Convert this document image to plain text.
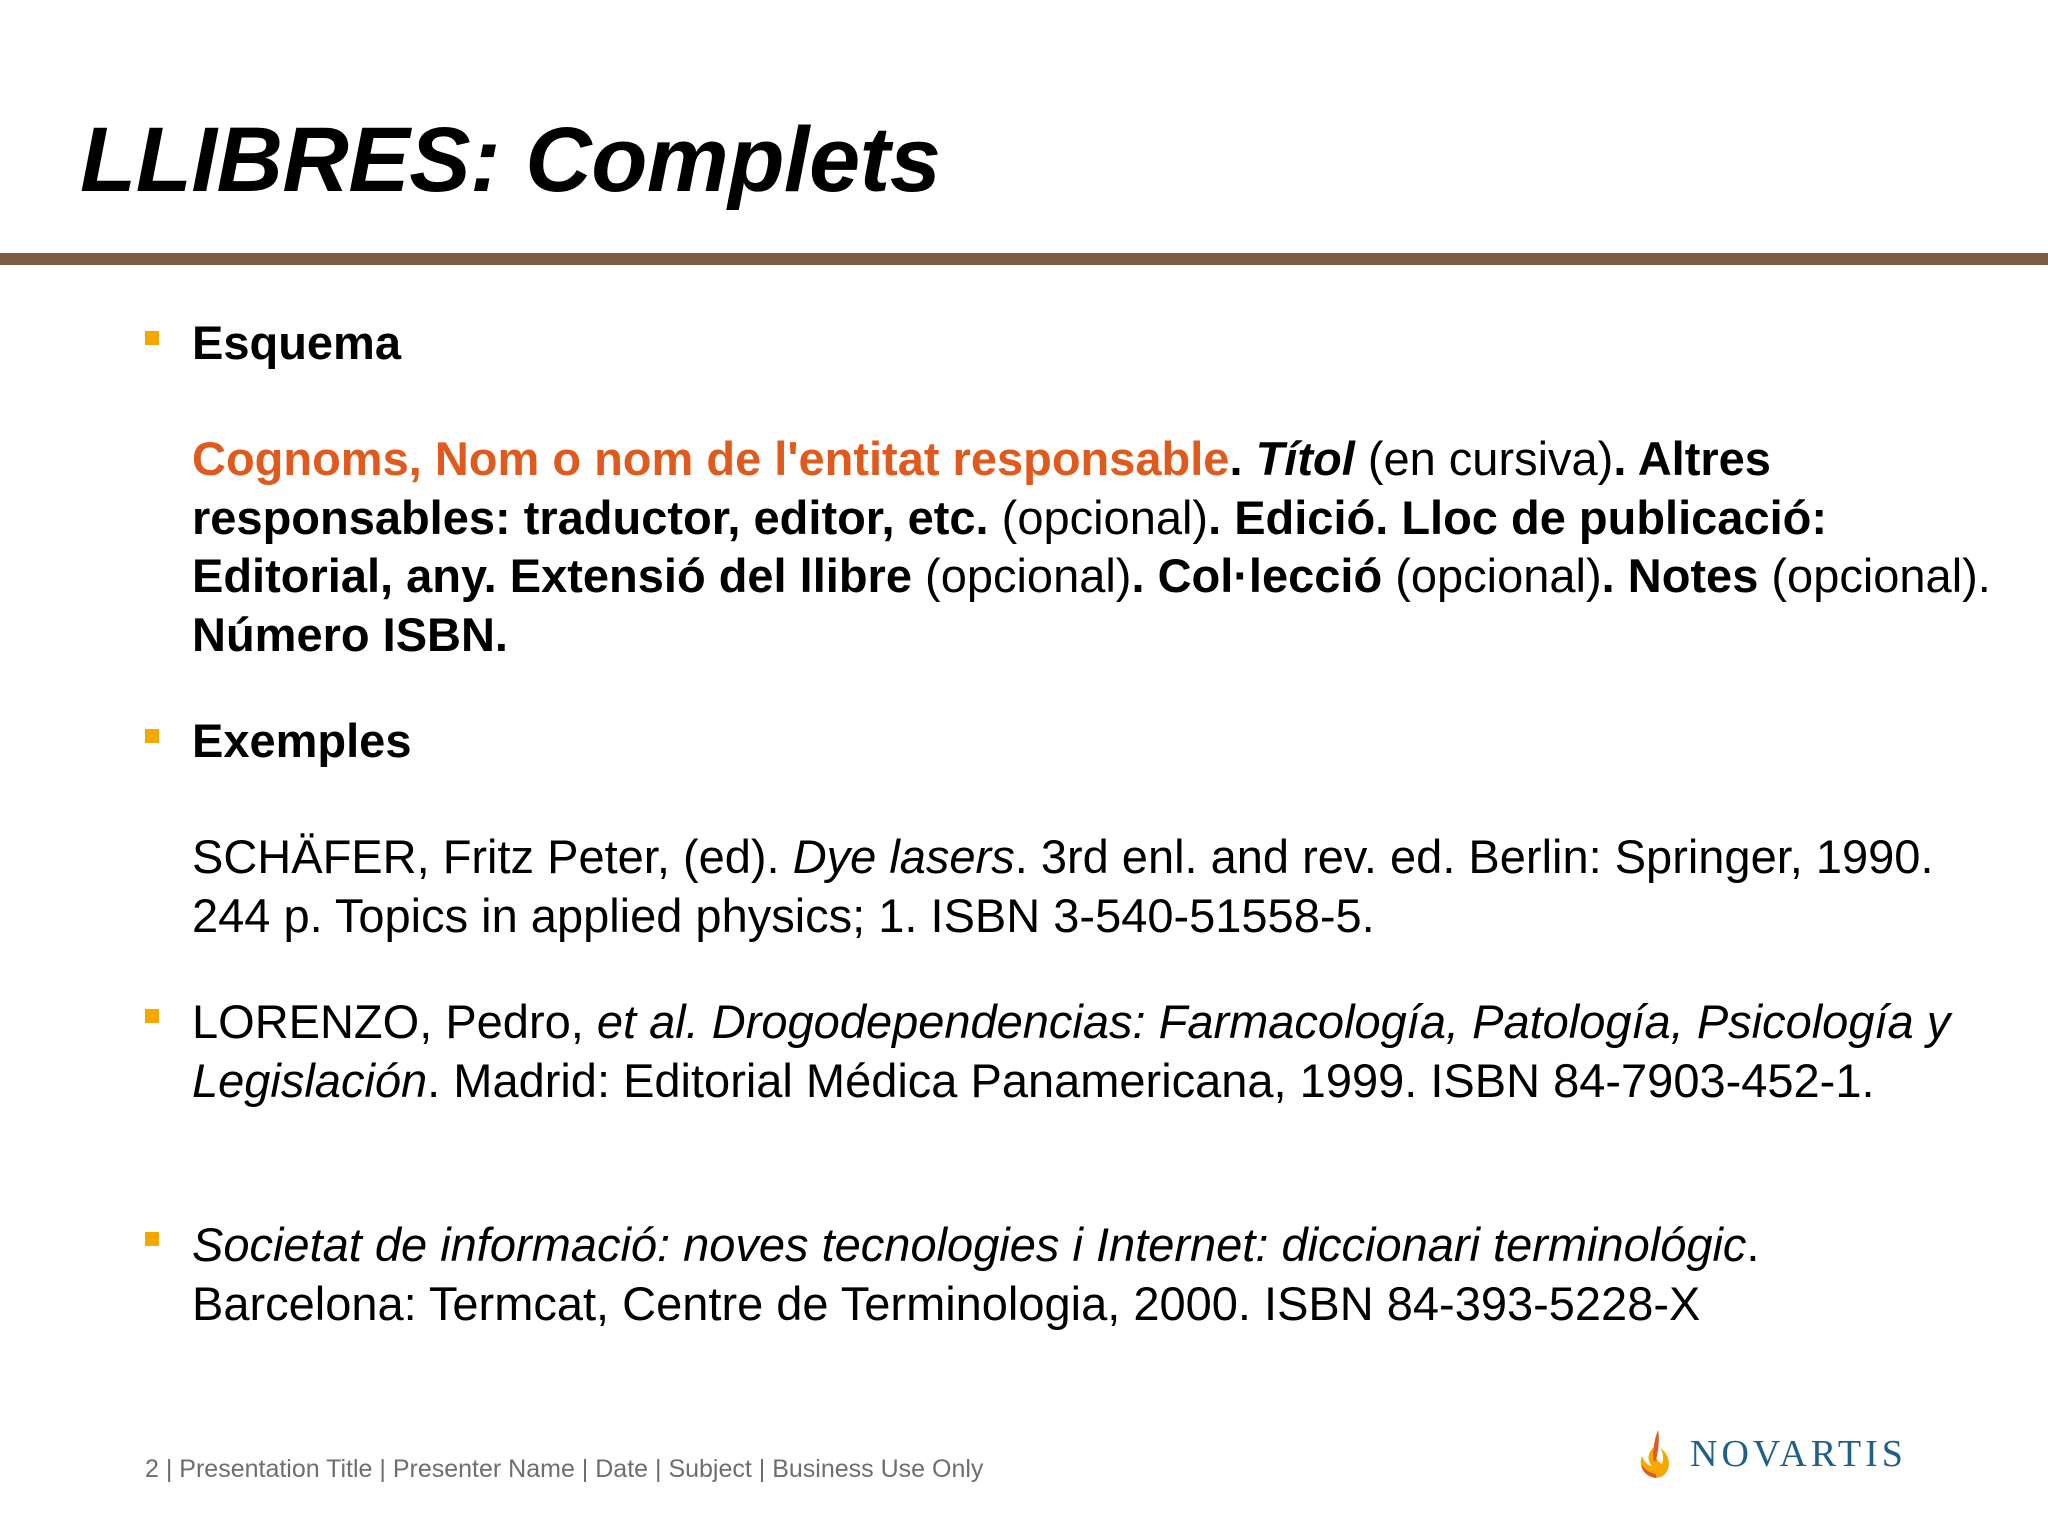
LLIBRES: Complets

Esquema

Cognoms, Nom o nom de l'entitat responsable. Títol (en cursiva). Altres responsables: traductor, editor, etc. (opcional). Edició. Lloc de publicació: Editorial, any. Extensió del llibre (opcional). Col·lecció (opcional). Notes (opcional). Número ISBN.

Exemples

SCHÄFER, Fritz Peter, (ed). Dye lasers. 3rd enl. and rev. ed. Berlin: Springer, 1990. 244 p. Topics in applied physics; 1. ISBN 3-540-51558-5.

LORENZO, Pedro, et al. Drogodependencias: Farmacología, Patología, Psicología y Legislación. Madrid: Editorial Médica Panamericana, 1999. ISBN 84-7903-452-1.

Societat de informació: noves tecnologies i Internet: diccionari terminológic. Barcelona: Termcat, Centre de Terminologia, 2000. ISBN 84-393-5228-X

2 | Presentation Title | Presenter Name | Date | Subject | Business Use Only	NOVARTIS
